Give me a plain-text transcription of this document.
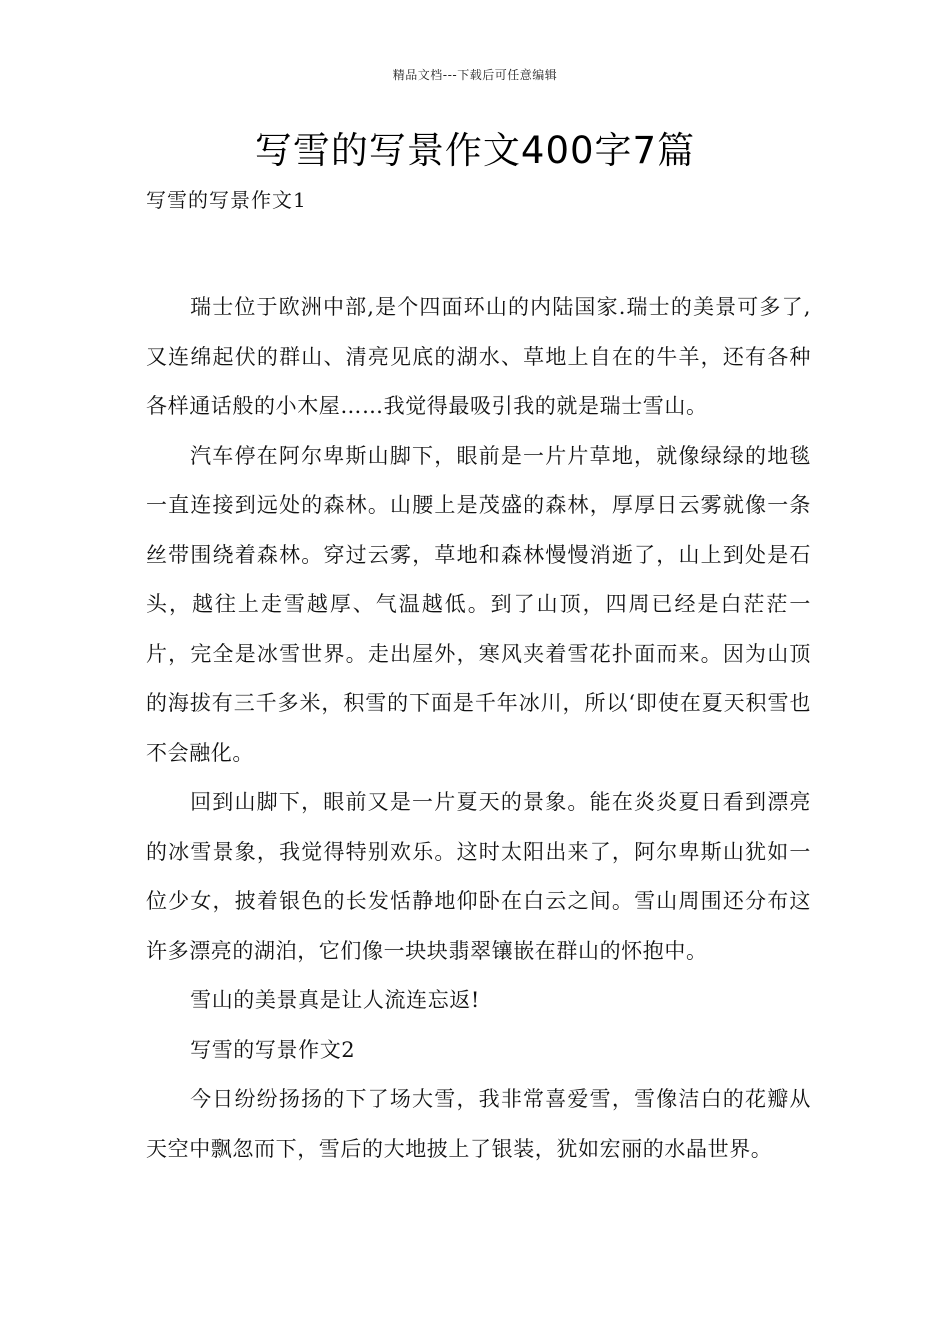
精品文档---下载后可任意编辑
写雪的写景作文400字7篇
写雪的写景作文1

瑞士位于欧洲中部,是个四面环山的内陆国家.瑞士的美景可多了,又连绵起伏的群山、清亮见底的湖水、草地上自在的牛羊，还有各种各样通话般的小木屋……我觉得最吸引我的就是瑞士雪山。

汽车停在阿尔卑斯山脚下，眼前是一片片草地，就像绿绿的地毯一直连接到远处的森林。山腰上是茂盛的森林，厚厚日云雾就像一条丝带围绕着森林。穿过云雾，草地和森林慢慢消逝了，山上到处是石头，越往上走雪越厚、气温越低。到了山顶，四周已经是白茫茫一片，完全是冰雪世界。走出屋外，寒风夹着雪花扑面而来。因为山顶的海拔有三千多米，积雪的下面是千年冰川，所以‘即使在夏天积雪也不会融化。

回到山脚下，眼前又是一片夏天的景象。能在炎炎夏日看到漂亮的冰雪景象，我觉得特别欢乐。这时太阳出来了，阿尔卑斯山犹如一位少女，披着银色的长发恬静地仰卧在白云之间。雪山周围还分布这许多漂亮的湖泊，它们像一块块翡翠镶嵌在群山的怀抱中。

雪山的美景真是让人流连忘返!

写雪的写景作文2

今日纷纷扬扬的下了场大雪，我非常喜爱雪，雪像洁白的花瓣从天空中飘忽而下，雪后的大地披上了银装，犹如宏丽的水晶世界。
